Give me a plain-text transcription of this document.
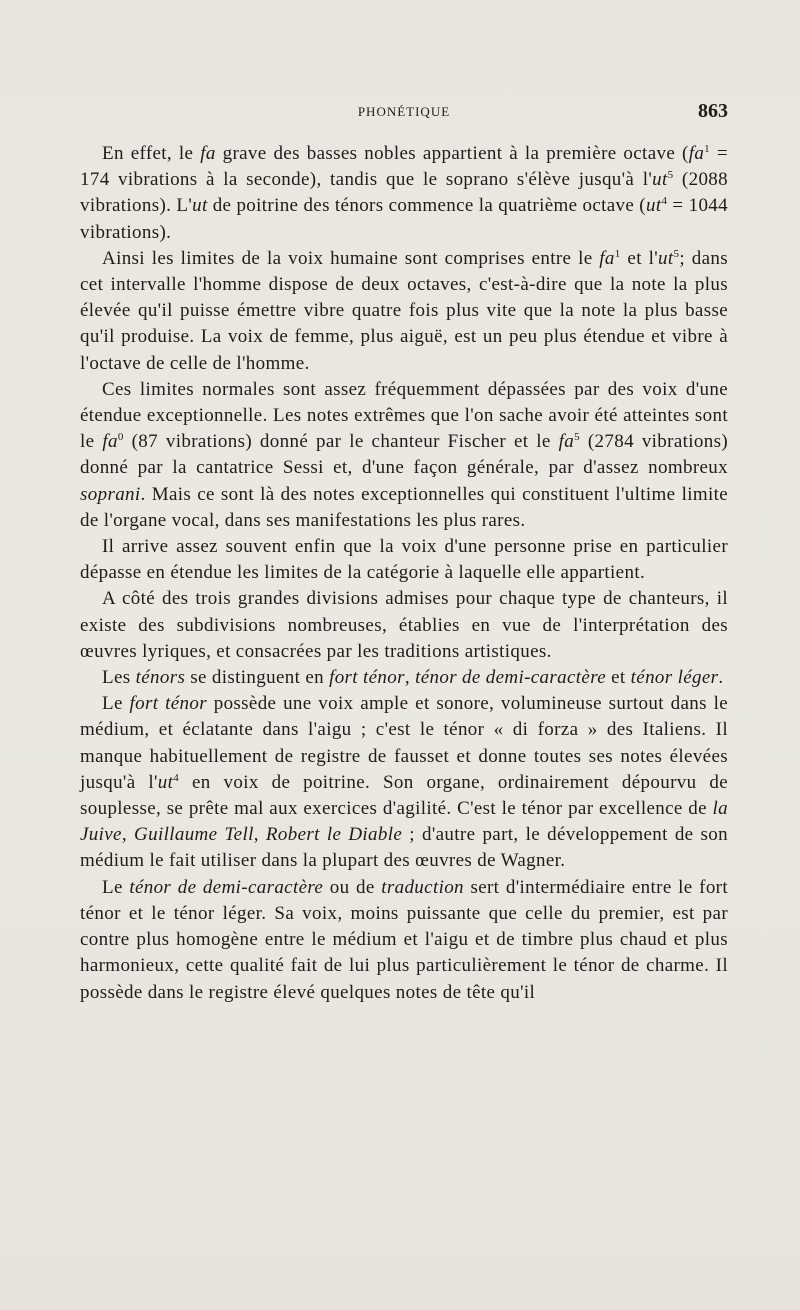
PHONÉTIQUE	863

En effet, le fa grave des basses nobles appartient à la première octave ($fa^1 = 174$ vibrations à la seconde), tandis que le soprano s'élève jusqu'à $l'ut^5$ (2088 vibrations). L'ut de poitrine des ténors commence la quatrième octave ($ut^4 = 1044$ vibrations).

Ainsi les limites de la voix humaine sont comprises entre le $fa^1$ et $l'ut^5$; dans cet intervalle l'homme dispose de deux octaves, c'est-à-dire que la note la plus élevée qu'il puisse émettre vibre quatre fois plus vite que la note la plus basse qu'il produise. La voix de femme, plus aiguë, est un peu plus étendue et vibre à l'octave de celle de l'homme.

Ces limites normales sont assez fréquemment dépassées par des voix d'une étendue exceptionnelle. Les notes extrêmes que l'on sache avoir été atteintes sont le $fa^0$ (87 vibrations) donné par le chanteur Fischer et le $fa^5$ (2784 vibrations) donné par la cantatrice Sessi et, d'une façon générale, par d'assez nombreux soprani. Mais ce sont là des notes exceptionnelles qui constituent l'ultime limite de l'organe vocal, dans ses manifestations les plus rares.

Il arrive assez souvent enfin que la voix d'une personne prise en particulier dépasse en étendue les limites de la catégorie à laquelle elle appartient.

A côté des trois grandes divisions admises pour chaque type de chanteurs, il existe des subdivisions nombreuses, établies en vue de l'interprétation des œuvres lyriques, et consacrées par les traditions artistiques.

Les ténors se distinguent en fort ténor, ténor de demi-caractère et ténor léger.

Le fort ténor possède une voix ample et sonore, volumineuse surtout dans le médium, et éclatante dans l'aigu ; c'est le ténor « di forza » des Italiens. Il manque habituellement de registre de fausset et donne toutes ses notes élevées jusqu'à $l'ut^4$ en voix de poitrine. Son organe, ordinairement dépourvu de souplesse, se prête mal aux exercices d'agilité. C'est le ténor par excellence de la Juive, Guillaume Tell, Robert le Diable ; d'autre part, le développement de son médium le fait utiliser dans la plupart des œuvres de Wagner.

Le ténor de demi-caractère ou de traduction sert d'intermédiaire entre le fort ténor et le ténor léger. Sa voix, moins puissante que celle du premier, est par contre plus homogène entre le médium et l'aigu et de timbre plus chaud et plus harmonieux, cette qualité fait de lui plus particulièrement le ténor de charme. Il possède dans le registre élevé quelques notes de tête qu'il
